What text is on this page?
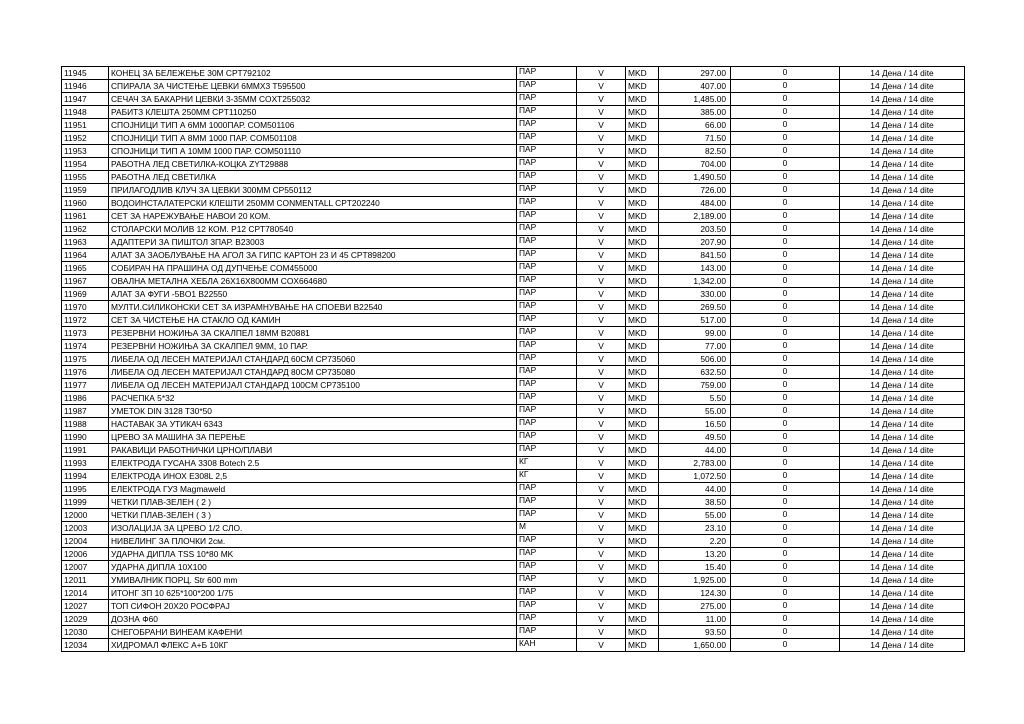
11945	КОНЕЦ ЗА БЕЛЕЖЕЊЕ 30М CPT792102	ПАР	V	MKD	297.00	0	14 Дена / 14 dite
11946	СПИРАЛА ЗА ЧИСТЕЊЕ ЦЕВКИ 6MMX3 T595500	ПАР	V	MKD	407.00	0	14 Дена / 14 dite
11947	СЕЧАЧ ЗА БАКАРНИ ЦЕВКИ 3-35ММ COXT255032	ПАР	V	MKD	1,485.00	0	14 Дена / 14 dite
11948	РАБИТЗ КЛЕШТА 250ММ CPT110250	ПАР	V	MKD	385.00	0	14 Дена / 14 dite
11951	СПОЈНИЦИ ТИП А 6ММ 1000ПАР. COM501106	ПАР	V	MKD	66.00	0	14 Дена / 14 dite
11952	СПОЈНИЦИ ТИП А 8ММ 1000 ПАР. COM501108	ПАР	V	MKD	71.50	0	14 Дена / 14 dite
11953	СПОЈНИЦИ ТИП А 10ММ 1000 ПАР. COM501110	ПАР	V	MKD	82.50	0	14 Дена / 14 dite
11954	РАБОТНА ЛЕД СВЕТИЛКА-КОЦКА ZYT29888	ПАР	V	MKD	704.00	0	14 Дена / 14 dite
11955	РАБОТНА ЛЕД СВЕТИЛКА	ПАР	V	MKD	1,490.50	0	14 Дена / 14 dite
11959	ПРИЛАГОДЛИВ КЛУЧ ЗА ЦЕВКИ 300ММ CP550112	ПАР	V	MKD	726.00	0	14 Дена / 14 dite
11960	ВОДОИНСТАЛАТЕРСКИ КЛЕШТИ 250ММ CONMENTALL CPT202240	ПАР	V	MKD	484.00	0	14 Дена / 14 dite
11961	СЕТ ЗА НАРЕЖУВАЊЕ НАВОИ 20 КОМ.	ПАР	V	MKD	2,189.00	0	14 Дена / 14 dite
11962	СТОЛАРСКИ МОЛИВ 12 КОМ. P12 CPT780540	ПАР	V	MKD	203.50	0	14 Дена / 14 dite
11963	АДАПТЕРИ ЗА ПИШТОЛ 3ПАР. B23003	ПАР	V	MKD	207.90	0	14 Дена / 14 dite
11964	АЛАТ ЗА ЗАОБЛУВАЊЕ НА АГОЛ ЗА ГИПС КАРТОН 23 И 45 CPT898200	ПАР	V	MKD	841.50	0	14 Дена / 14 dite
11965	СОБИРАЧ НА ПРАШИНА ОД ДУПЧЕЊЕ COM455000	ПАР	V	MKD	143.00	0	14 Дена / 14 dite
11967	ОВАЛНА МЕТАЛНА ХЕБЛА 26X16X800ММ COX664680	ПАР	V	MKD	1,342.00	0	14 Дена / 14 dite
11969	АЛАТ ЗА ФУГИ -5BO1 B22550	ПАР	V	MKD	330.00	0	14 Дена / 14 dite
11970	МУЛТИ.СИЛИКОНСКИ СЕТ ЗА ИЗРАМНУВАЊЕ НА СПОЕВИ B22540	ПАР	V	MKD	269.50	0	14 Дена / 14 dite
11972	СЕТ ЗА ЧИСТЕЊЕ НА СТАКЛО ОД КАМИН	ПАР	V	MKD	517.00	0	14 Дена / 14 dite
11973	РЕЗЕРВНИ НОЖИЊА ЗА СКАЛПЕЛ 18ММ B20881	ПАР	V	MKD	99.00	0	14 Дена / 14 dite
11974	РЕЗЕРВНИ НОЖИЊА ЗА СКАЛПЕЛ 9ММ, 10 ПАР.	ПАР	V	MKD	77.00	0	14 Дена / 14 dite
11975	ЛИБЕЛА ОД ЛЕСЕН МАТЕРИЈАЛ СТАНДАРД 60CM CP735060	ПАР	V	MKD	506.00	0	14 Дена / 14 dite
11976	ЛИБЕЛА ОД ЛЕСЕН МАТЕРИЈАЛ СТАНДАРД 80CM CP735080	ПАР	V	MKD	632.50	0	14 Дена / 14 dite
11977	ЛИБЕЛА ОД ЛЕСЕН МАТЕРИЈАЛ СТАНДАРД 100CM CP735100	ПАР	V	MKD	759.00	0	14 Дена / 14 dite
11986	РАСЧЕПКА 5*32	ПАР	V	MKD	5.50	0	14 Дена / 14 dite
11987	УМЕТОК DIN 3128 T30*50	ПАР	V	MKD	55.00	0	14 Дена / 14 dite
11988	НАСТАВАК ЗА УТИКАЧ 6343	ПАР	V	MKD	16.50	0	14 Дена / 14 dite
11990	ЦРЕВО ЗА МАШИНА ЗА ПЕРЕЊЕ	ПАР	V	MKD	49.50	0	14 Дена / 14 dite
11991	РАКАВИЦИ РАБОТНИЧКИ ЦРНО/ПЛАВИ	ПАР	V	MKD	44.00	0	14 Дена / 14 dite
11993	ЕЛЕКТРОДА ГУСАНА 3308 Botech 2.5	КГ	V	MKD	2,783.00	0	14 Дена / 14 dite
11994	ЕЛЕКТРОДА ИНОХ E308L 2,5	КГ	V	MKD	1,072.50	0	14 Дена / 14 dite
11995	ЕЛЕКТРОДА ГУЗ Magmaweld	ПАР	V	MKD	44.00	0	14 Дена / 14 dite
11999	ЧЕТКИ ПЛАВ-ЗЕЛЕН ( 2 )	ПАР	V	MKD	38.50	0	14 Дена / 14 dite
12000	ЧЕТКИ ПЛАВ-ЗЕЛЕН ( 3 )	ПАР	V	MKD	55.00	0	14 Дена / 14 dite
12003	ИЗОЛАЦИЈА ЗА ЦРЕВО 1/2 СЛО.	М	V	MKD	23.10	0	14 Дена / 14 dite
12004	НИВЕЛИНГ ЗА ПЛОЧКИ 2см.	ПАР	V	MKD	2.20	0	14 Дена / 14 dite
12006	УДАРНА ДИПЛА TSS 10*80 MK	ПАР	V	MKD	13.20	0	14 Дена / 14 dite
12007	УДАРНА ДИПЛА 10X100	ПАР	V	MKD	15.40	0	14 Дена / 14 dite
12011	УМИВАЛНИК ПОРЦ. Str 600 mm	ПАР	V	MKD	1,925.00	0	14 Дена / 14 dite
12014	ИТОНГ ЗП 10 625*100*200 1/75	ПАР	V	MKD	124.30	0	14 Дена / 14 dite
12027	ТОП СИФОН 20X20 POCФРАЈ	ПАР	V	MKD	275.00	0	14 Дена / 14 dite
12029	ДОЗНА Ф60	ПАР	V	MKD	11.00	0	14 Дена / 14 dite
12030	СНЕГОБРАНИ ВИНЕАМ КАФЕНИ	ПАР	V	MKD	93.50	0	14 Дена / 14 dite
12034	ХИДРОМАЛ ФЛЕКС А+Б 10КГ	КАН	V	MKD	1,650.00	0	14 Дена / 14 dite
